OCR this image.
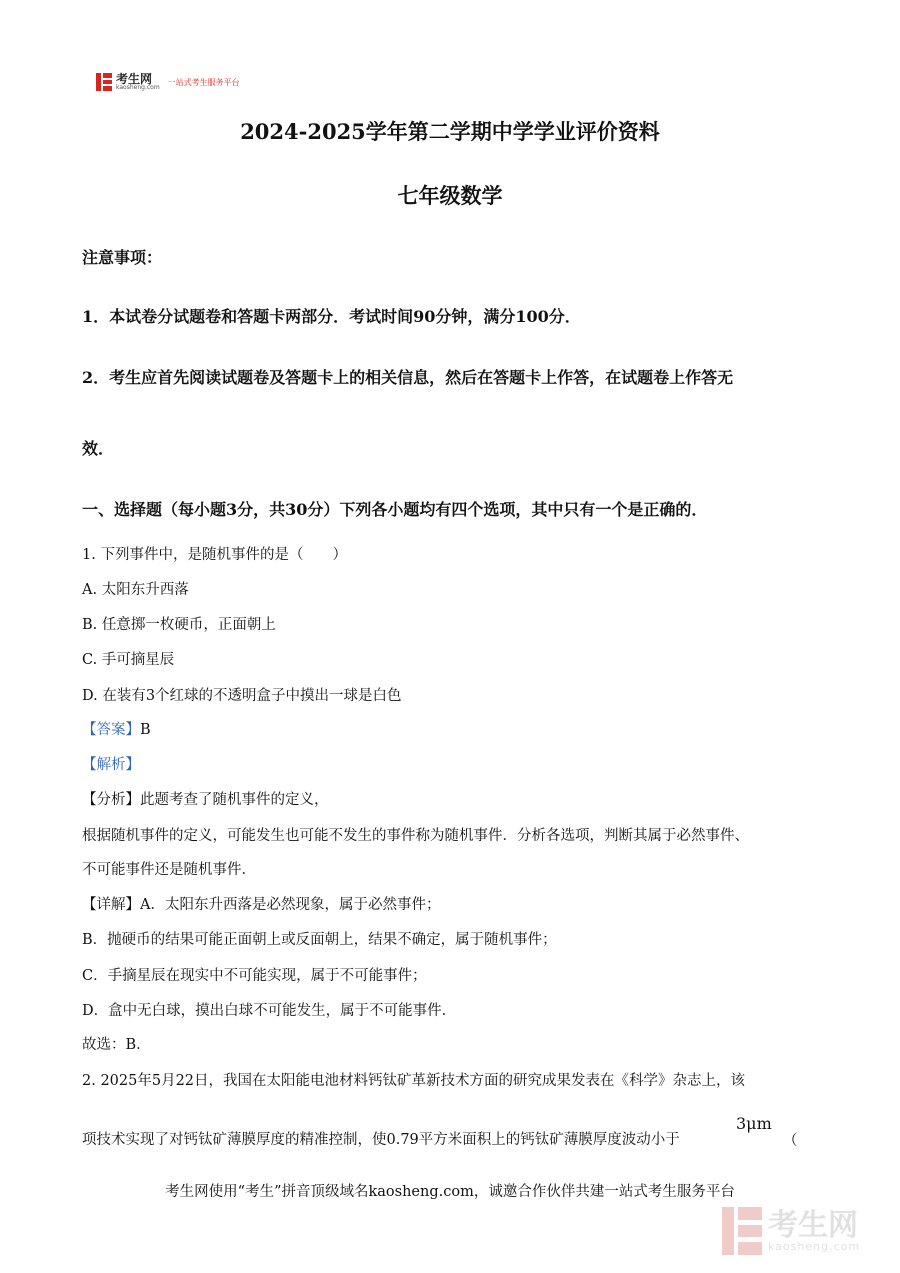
考生网
kaosheng.com
一站式考生服务平台
2024-2025学年第二学期中学学业评价资料
七年级数学
注意事项：
1．本试卷分试题卷和答题卡两部分．考试时间90分钟，满分100分．
2．考生应首先阅读试题卷及答题卡上的相关信息，然后在答题卡上作答，在试题卷上作答无
效．
一、选择题（每小题3分，共30分）下列各小题均有四个选项，其中只有一个是正确的．
1. 下列事件中，是随机事件的是（　　）
A. 太阳东升西落
B. 任意掷一枚硬币，正面朝上
C. 手可摘星辰
D. 在装有3个红球的不透明盒子中摸出一球是白色
【答案】B
【解析】
【分析】此题考查了随机事件的定义，
根据随机事件的定义，可能发生也可能不发生的事件称为随机事件．分析各选项，判断其属于必然事件、
不可能事件还是随机事件．
【详解】A．太阳东升西落是必然现象，属于必然事件；
B．抛硬币的结果可能正面朝上或反面朝上，结果不确定，属于随机事件；
C．手摘星辰在现实中不可能实现，属于不可能事件；
D．盒中无白球，摸出白球不可能发生，属于不可能事件．
故选：B．
2. 2025年5月22日，我国在太阳能电池材料钙钛矿革新技术方面的研究成果发表在《科学》杂志上，该
项技术实现了对钙钛矿薄膜厚度的精准控制，使0.79平方米面积上的钙钛矿薄膜厚度波动小于
3μm
（
考生网使用“考生”拼音顶级域名kaosheng.com，诚邀合作伙伴共建一站式考生服务平台
考生网
kaosheng.com
